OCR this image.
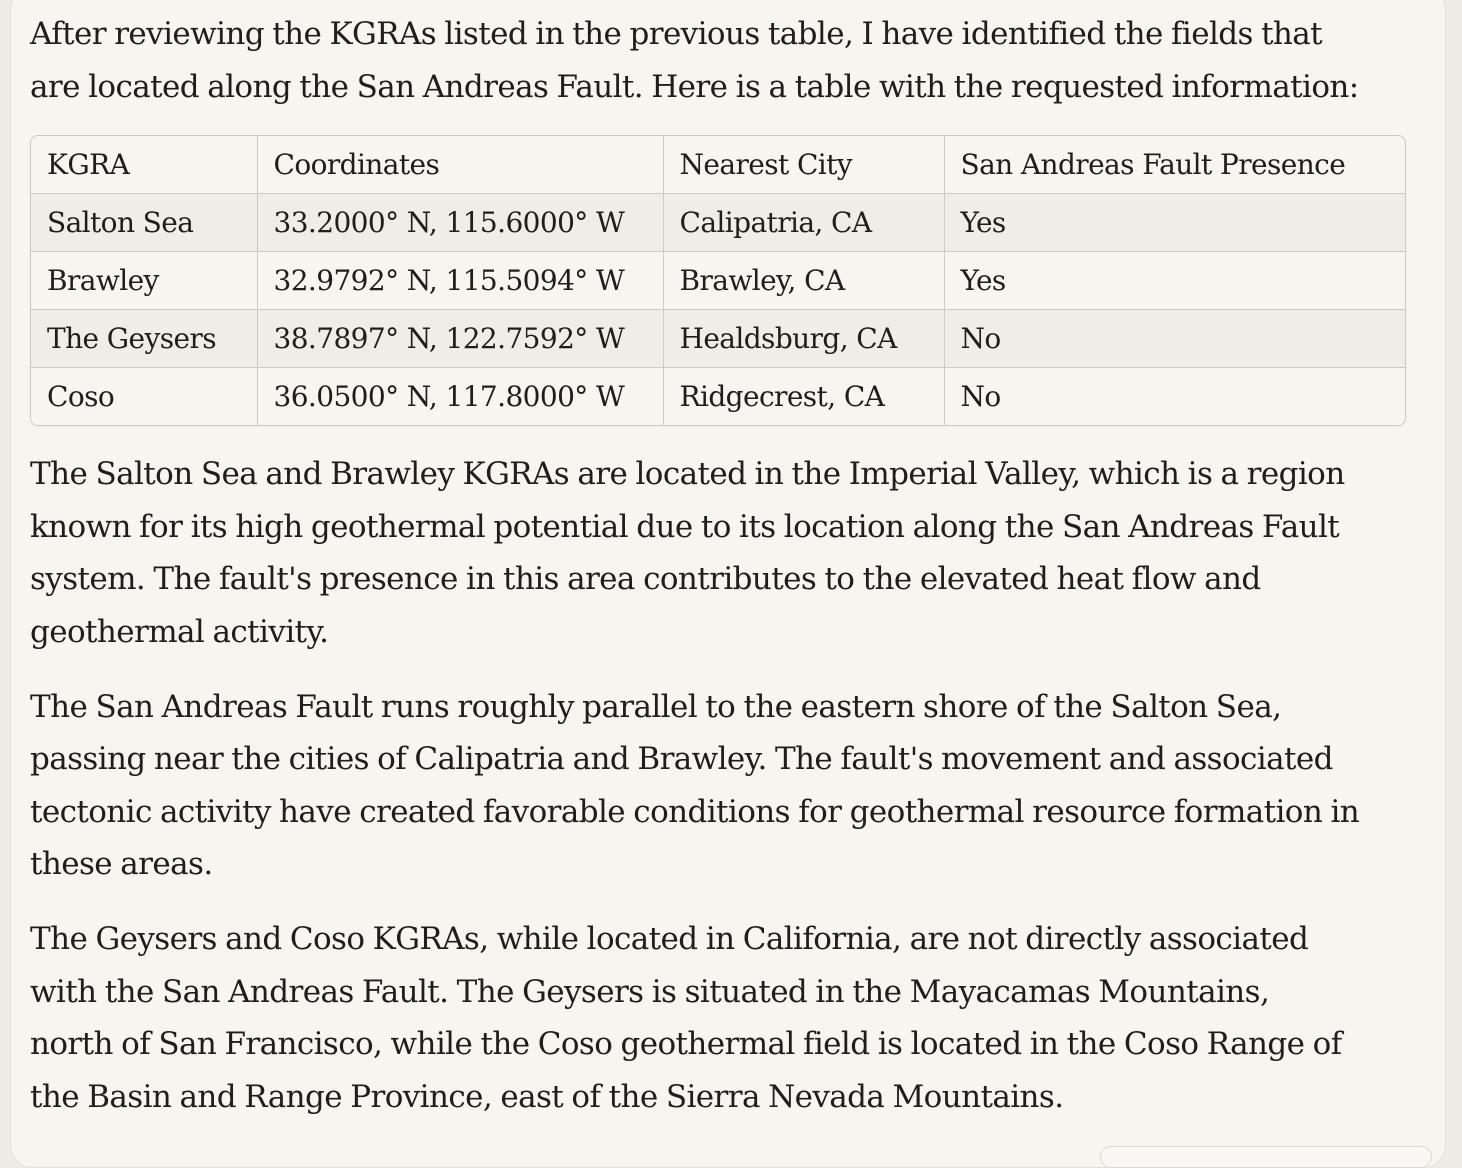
After reviewing the KGRAs listed in the previous table, I have identified the fields that are located along the San Andreas Fault. Here is a table with the requested information:

KGRA	Coordinates	Nearest City	San Andreas Fault Presence
Salton Sea	33.2000° N, 115.6000° W	Calipatria, CA	Yes
Brawley	32.9792° N, 115.5094° W	Brawley, CA	Yes
The Geysers	38.7897° N, 122.7592° W	Healdsburg, CA	No
Coso	36.0500° N, 117.8000° W	Ridgecrest, CA	No

The Salton Sea and Brawley KGRAs are located in the Imperial Valley, which is a region known for its high geothermal potential due to its location along the San Andreas Fault system. The fault's presence in this area contributes to the elevated heat flow and geothermal activity.

The San Andreas Fault runs roughly parallel to the eastern shore of the Salton Sea, passing near the cities of Calipatria and Brawley. The fault's movement and associated tectonic activity have created favorable conditions for geothermal resource formation in these areas.

The Geysers and Coso KGRAs, while located in California, are not directly associated with the San Andreas Fault. The Geysers is situated in the Mayacamas Mountains, north of San Francisco, while the Coso geothermal field is located in the Coso Range of the Basin and Range Province, east of the Sierra Nevada Mountains.
